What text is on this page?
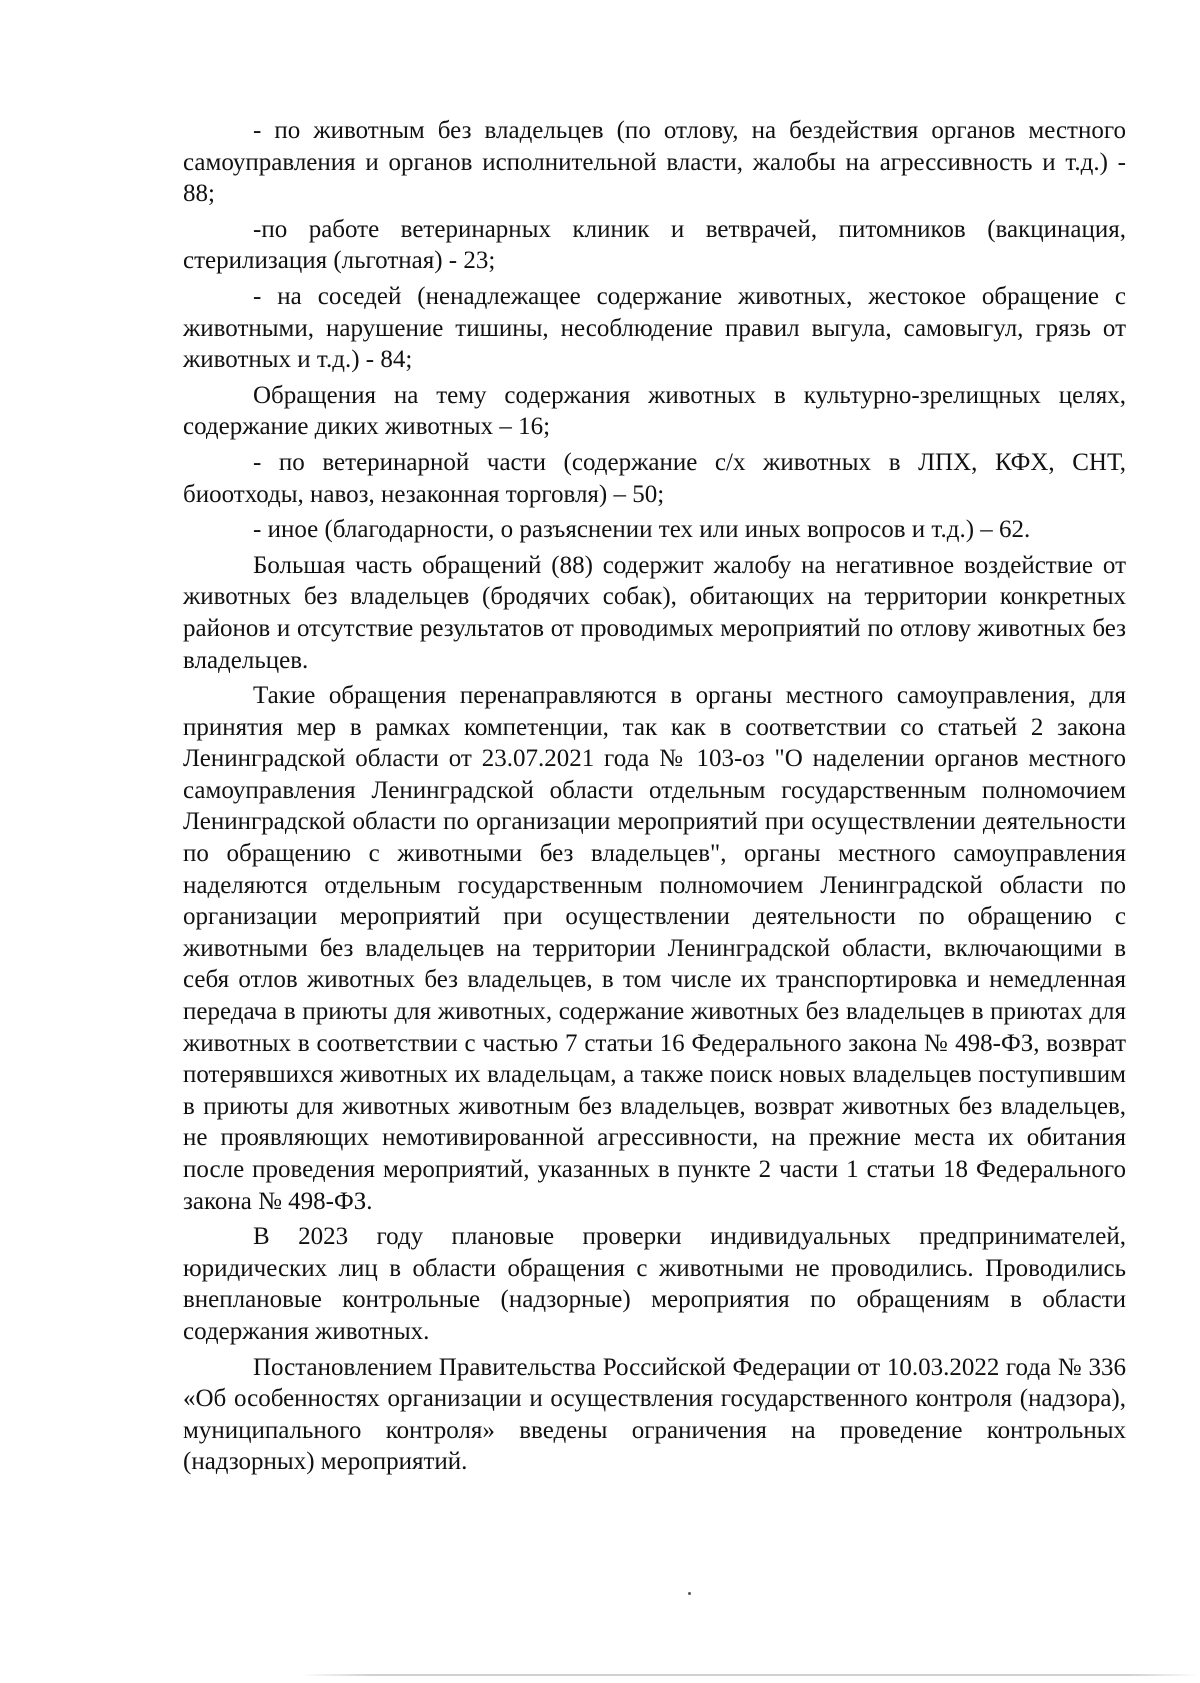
- по животным без владельцев (по отлову, на бездействия органов местного самоуправления и органов исполнительной власти, жалобы на агрессивность и т.д.) - 88;

-по работе ветеринарных клиник и ветврачей, питомников (вакцинация, стерилизация (льготная) - 23;

- на соседей (ненадлежащее содержание животных, жестокое обращение с животными, нарушение тишины, несоблюдение правил выгула, самовыгул, грязь от животных и т.д.) - 84;

Обращения на тему содержания животных в культурно-зрелищных целях, содержание диких животных – 16;

- по ветеринарной части (содержание с/х животных в ЛПХ, КФХ, СНТ, биоотходы, навоз, незаконная торговля) – 50;

- иное (благодарности, о разъяснении тех или иных вопросов и т.д.) – 62.

Большая часть обращений (88) содержит жалобу на негативное воздействие от животных без владельцев (бродячих собак), обитающих на территории конкретных районов и отсутствие результатов от проводимых мероприятий по отлову животных без владельцев.

Такие обращения перенаправляются в органы местного самоуправления, для принятия мер в рамках компетенции, так как в соответствии со статьей 2 закона Ленинградской области от 23.07.2021 года № 103-оз "О наделении органов местного самоуправления Ленинградской области отдельным государственным полномочием Ленинградской области по организации мероприятий при осуществлении деятельности по обращению с животными без владельцев", органы местного самоуправления наделяются отдельным государственным полномочием Ленинградской области по организации мероприятий при осуществлении деятельности по обращению с животными без владельцев на территории Ленинградской области, включающими в себя отлов животных без владельцев, в том числе их транспортировка и немедленная передача в приюты для животных, содержание животных без владельцев в приютах для животных в соответствии с частью 7 статьи 16 Федерального закона № 498-ФЗ, возврат потерявшихся животных их владельцам, а также поиск новых владельцев поступившим в приюты для животных животным без владельцев, возврат животных без владельцев, не проявляющих немотивированной агрессивности, на прежние места их обитания после проведения мероприятий, указанных в пункте 2 части 1 статьи 18 Федерального закона № 498-ФЗ.

В 2023 году плановые проверки индивидуальных предпринимателей, юридических лиц в области обращения с животными не проводились. Проводились внеплановые контрольные (надзорные) мероприятия по обращениям в области содержания животных.

Постановлением Правительства Российской Федерации от 10.03.2022 года № 336 «Об особенностях организации и осуществления государственного контроля (надзора), муниципального контроля» введены ограничения на проведение контрольных (надзорных) мероприятий.
